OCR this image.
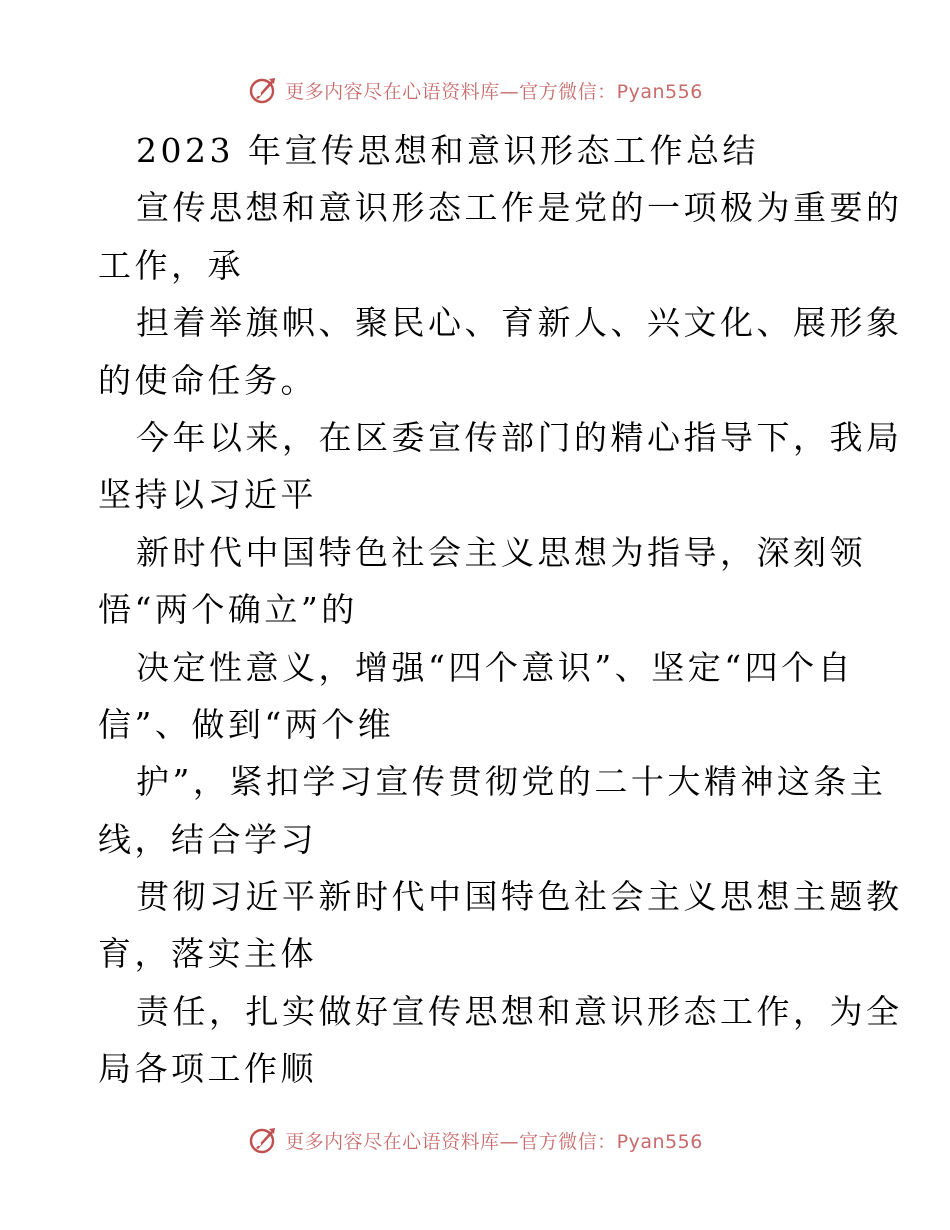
更多内容尽在心语资料库—官方微信：Pyan556
2023 年宣传思想和意识形态工作总结
宣传思想和意识形态工作是党的一项极为重要的
工作，承
担着举旗帜、聚民心、育新人、兴文化、展形象
的使命任务。
今年以来，在区委宣传部门的精心指导下，我局
坚持以习近平
新时代中国特色社会主义思想为指导，深刻领
悟“两个确立”的
决定性意义，增强“四个意识”、坚定“四个自
信”、做到“两个维
护”，紧扣学习宣传贯彻党的二十大精神这条主
线，结合学习
贯彻习近平新时代中国特色社会主义思想主题教
育，落实主体
责任，扎实做好宣传思想和意识形态工作，为全
局各项工作顺
更多内容尽在心语资料库—官方微信：Pyan556
